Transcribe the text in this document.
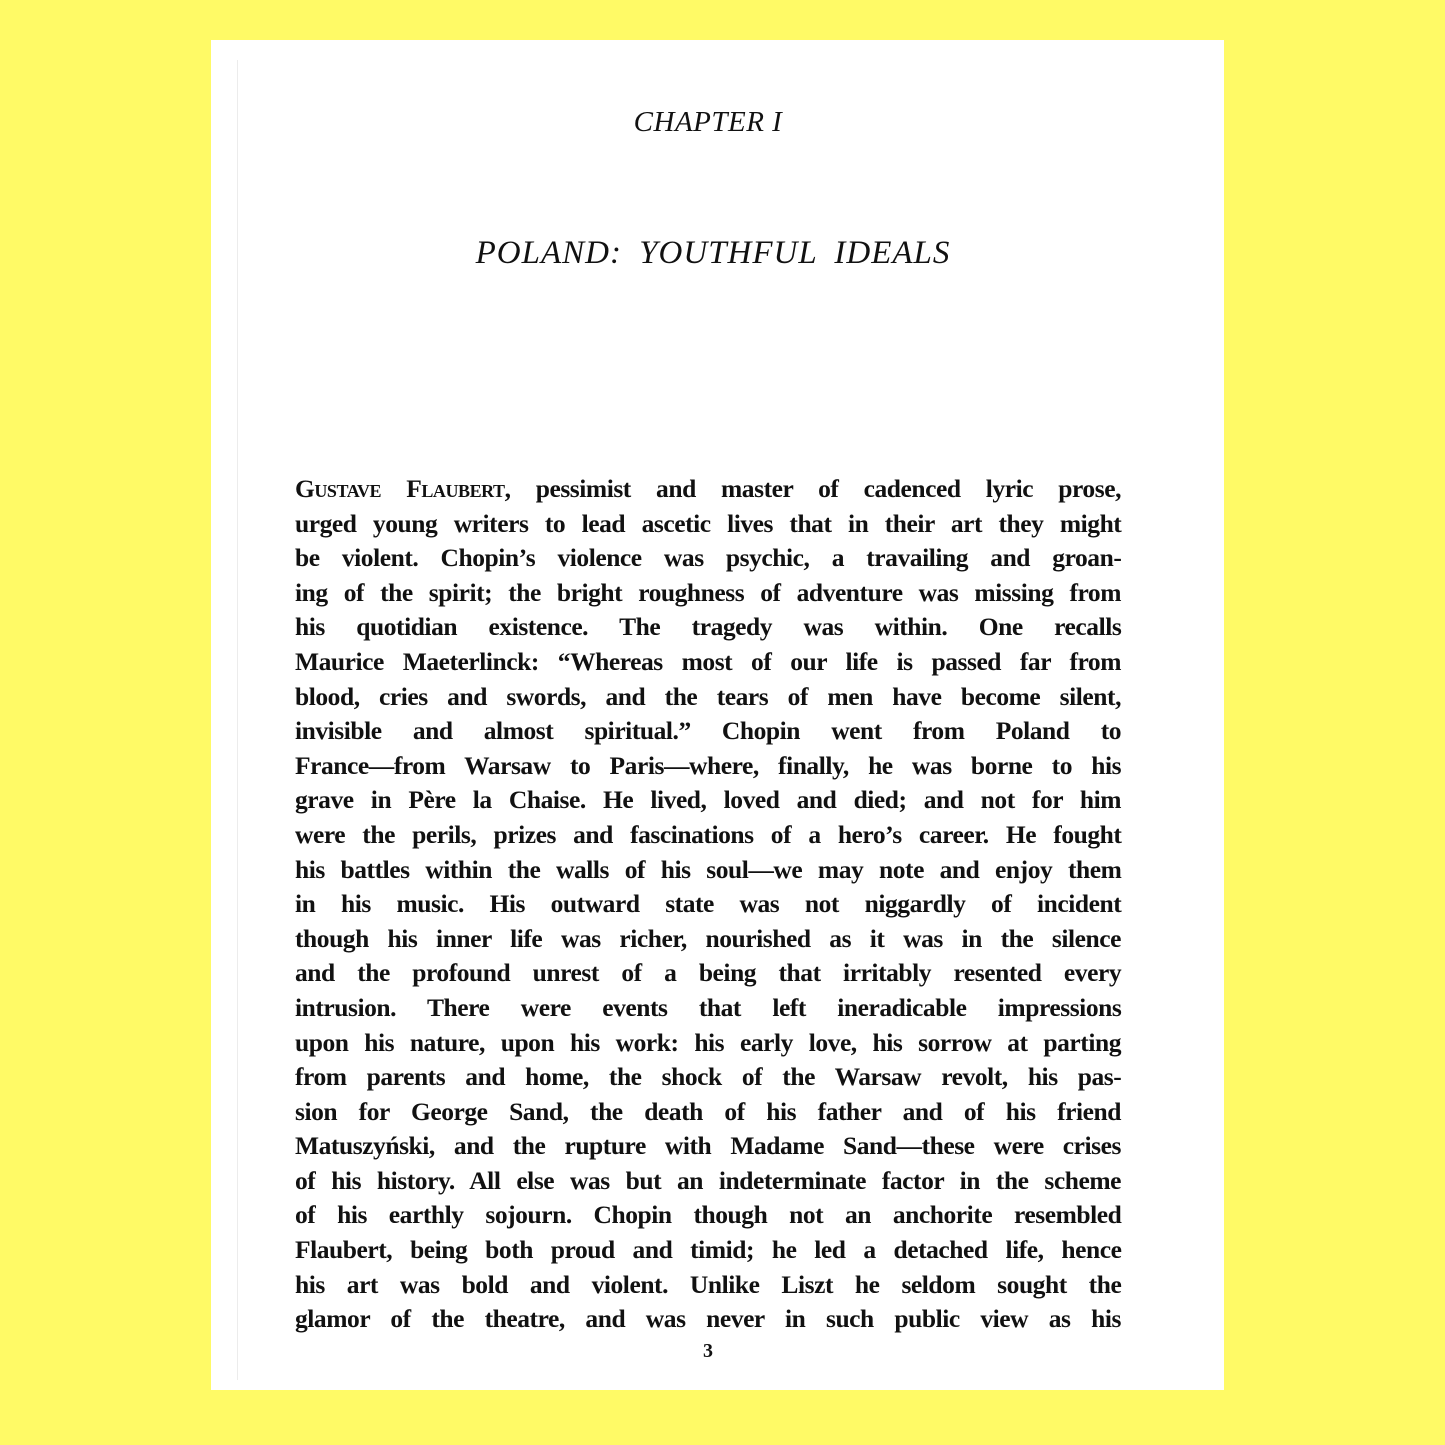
CHAPTER I
POLAND: YOUTHFUL IDEALS
Gustave Flaubert, pessimist and master of cadenced lyric prose,
urged young writers to lead ascetic lives that in their art they might
be violent. Chopin’s violence was psychic, a travailing and groan-
ing of the spirit; the bright roughness of adventure was missing from
his quotidian existence. The tragedy was within. One recalls
Maurice Maeterlinck: “Whereas most of our life is passed far from
blood, cries and swords, and the tears of men have become silent,
invisible and almost spiritual.” Chopin went from Poland to
France—from Warsaw to Paris—where, finally, he was borne to his
grave in Père la Chaise. He lived, loved and died; and not for him
were the perils, prizes and fascinations of a hero’s career. He fought
his battles within the walls of his soul—we may note and enjoy them
in his music. His outward state was not niggardly of incident
though his inner life was richer, nourished as it was in the silence
and the profound unrest of a being that irritably resented every
intrusion. There were events that left ineradicable impressions
upon his nature, upon his work: his early love, his sorrow at parting
from parents and home, the shock of the Warsaw revolt, his pas-
sion for George Sand, the death of his father and of his friend
Matuszyński, and the rupture with Madame Sand—these were crises
of his history. All else was but an indeterminate factor in the scheme
of his earthly sojourn. Chopin though not an anchorite resembled
Flaubert, being both proud and timid; he led a detached life, hence
his art was bold and violent. Unlike Liszt he seldom sought the
glamor of the theatre, and was never in such public view as his
3
